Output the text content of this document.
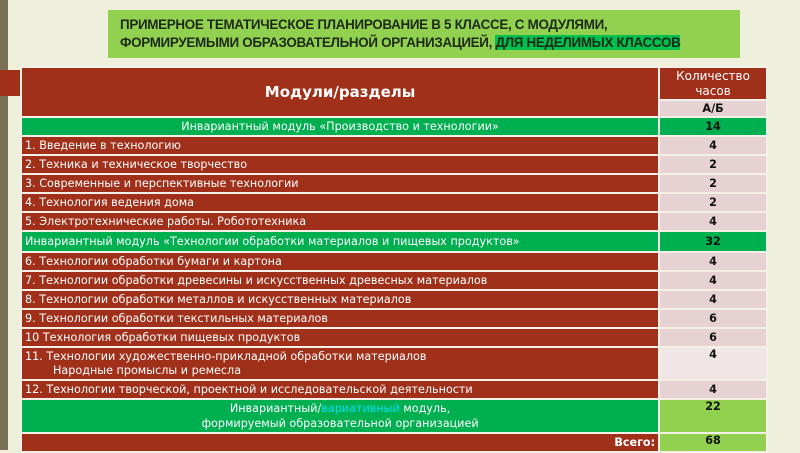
ПРИМЕРНОЕ ТЕМАТИЧЕСКОЕ ПЛАНИРОВАНИЕ В 5 КЛАССЕ, С МОДУЛЯМИ,
ФОРМИРУЕМЫМИ ОБРАЗОВАТЕЛЬНОЙ ОРГАНИЗАЦИЕЙ, ДЛЯ НЕДЕЛИМЫХ КЛАССОВ
Модули/разделы	Количество часов
	А/Б
Инвариантный модуль «Производство и технологии»	14
1. Введение в технологию	4
2. Техника и техническое творчество	2
3. Современные и перспективные технологии	2
4. Технология ведения дома	2
5. Электротехнические работы. Робототехника	4
Инвариантный модуль «Технологии обработки материалов и пищевых продуктов»	32
6. Технологии обработки бумаги и картона	4
7. Технологии обработки древесины и искусственных древесных материалов	4
8. Технологии обработки металлов и искусственных материалов	4
9. Технологии обработки текстильных материалов	6
10 Технология обработки пищевых продуктов	6
11. Технологии художественно-прикладной обработки материалов
Народные промыслы и ремесла	4
12. Технологии творческой, проектной и исследовательской деятельности	4
Инвариантный/вариативный модуль,
формируемый образовательной организацией	22
Всего:	68
